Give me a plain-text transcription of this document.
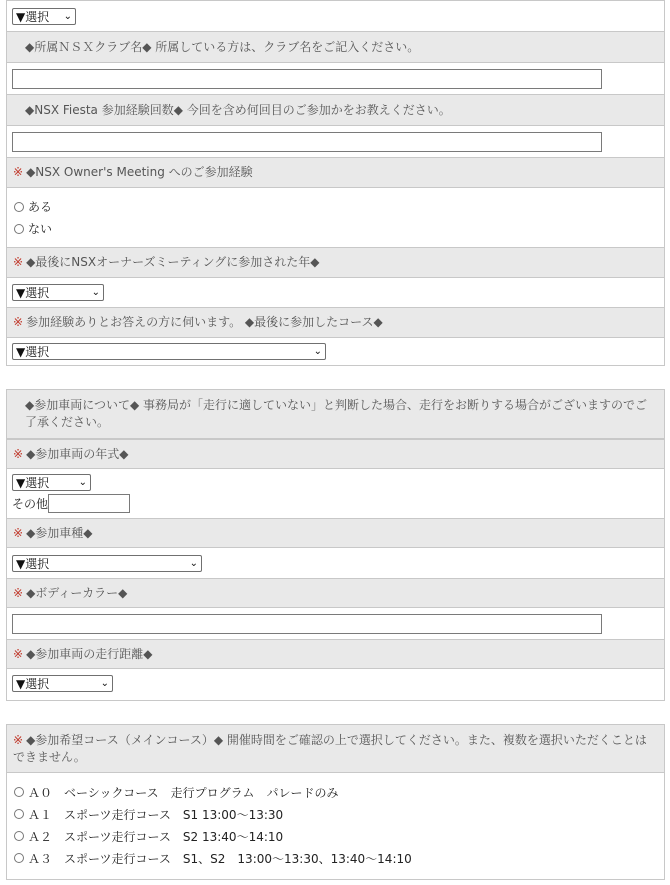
▼選択 ⌄
◆所属ＮＳＸクラブ名◆ 所属している方は、クラブ名をご記入ください。
◆NSX Fiesta 参加経験回数◆ 今回を含め何回目のご参加かをお教えください。
※ ◆NSX Owner's Meeting へのご参加経験
ある
ない
※ ◆最後にNSXオーナーズミーティングに参加された年◆
▼選択	⌄
※ 参加経験ありとお答えの方に伺います。 ◆最後に参加したコース◆
▼選択	⌄
◆参加車両について◆ 事務局が「走行に適していない」と判断した場合、走行をお断りする場合がございますのでご了承ください。
※ ◆参加車両の年式◆
▼選択	⌄
その他
※ ◆参加車種◆
▼選択	⌄
※ ◆ボディーカラー◆
※ ◆参加車両の走行距離◆
▼選択	⌄
※ ◆参加希望コース（メインコース）◆ 開催時間をご確認の上で選択してください。また、複数を選択いただくことはできません。
Ａ０　ベーシックコース　走行プログラム　パレードのみ
Ａ１　スポーツ走行コース　S1 13:00～13:30
Ａ２　スポーツ走行コース　S2 13:40～14:10
Ａ３　スポーツ走行コース　S1、S2　13:00～13:30、13:40～14:10
